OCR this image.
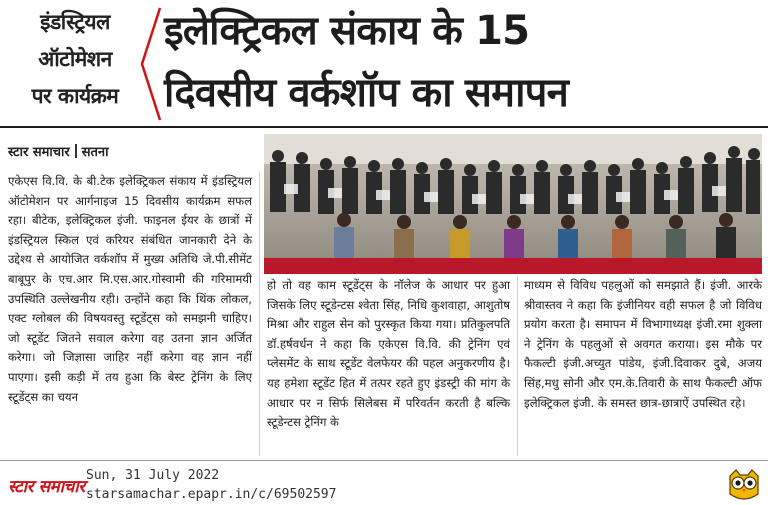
इंडस्ट्रियल
ऑटोमेशन
पर कार्यक्रम
इलेक्ट्रिकल संकाय के 15
दिवसीय वर्कशॉप का समापन
स्टार समाचार सतना

एकेएस वि.वि. के बी.टेक इलेक्ट्रिकल संकाय में इंडस्ट्रियल ऑटोमेशन पर आर्गनाइज 15 दिवसीय कार्यक्रम सफल रहा। बीटेक, इलेक्ट्रिकल इंजी. फाइनल ईयर के छात्रों में इंडस्ट्रियल स्किल एवं करियर संबंधित जानकारी देने के उद्देश्य से आयोजित वर्कशॉप में मुख्य अतिथि जे.पी.सीमेंट बाबूपुर के एच.आर मि.एस.आर.गोस्वामी की गरिमामयी उपस्थिति उल्लेखनीय रही। उन्होंने कहा कि थिंक लोकल, एक्ट ग्लोबल की विषयवस्तु स्टूडेंट्स को समझनी चाहिए। जो स्टूडेंट जितने सवाल करेगा वह उतना ज्ञान अर्जित करेगा। जो जिज्ञासा जाहिर नहीं करेगा वह ज्ञान नहीं पाएगा। इसी कड़ी में तय हुआ कि बेस्ट ट्रेनिंग के लिए स्टूडेंट्स का चयन

हो तो वह काम स्टूडेंट्स के नॉलेज के आधार पर हुआ जिसके लिए स्टूडेन्टस श्वेता सिंह, निधि कुशवाहा, आशुतोष मिश्रा और राहुल सेन को पुरस्कृत किया गया। प्रतिकुलपति डॉ.हर्षवर्धन ने कहा कि एकेएस वि.वि. की ट्रेनिंग एवं प्लेसमेंट के साथ स्टूडेंट वेलफेयर की पहल अनुकरणीय है। यह हमेशा स्टूडेंट हित में तत्पर रहते हुए इंडस्ट्री की मांग के आधार पर न सिर्फ सिलेबस में परिवर्तन करती है बल्कि स्टूडेन्टस ट्रेनिंग के

माध्यम से विविध पहलुओं को समझाते हैं। इंजी. आरके श्रीवास्तव ने कहा कि इंजीनियर वही सफल है जो विविध प्रयोग करता है। समापन में विभागाध्यक्ष इंजी.रमा शुक्ला ने ट्रेनिंग के पहलुओं से अवगत कराया। इस मौके पर फैकल्टी इंजी.अच्युत पांडेय, इंजी.दिवाकर दुबे, अजय सिंह,मधु सोनी और एम.के.तिवारी के साथ फैकल्टी ऑफ इलेक्ट्रिकल इंजी. के समस्त छात्र-छात्राऐं उपस्थित रहे।

स्टार समाचार
Sun, 31 July 2022
starsamachar.epapr.in/c/69502597
